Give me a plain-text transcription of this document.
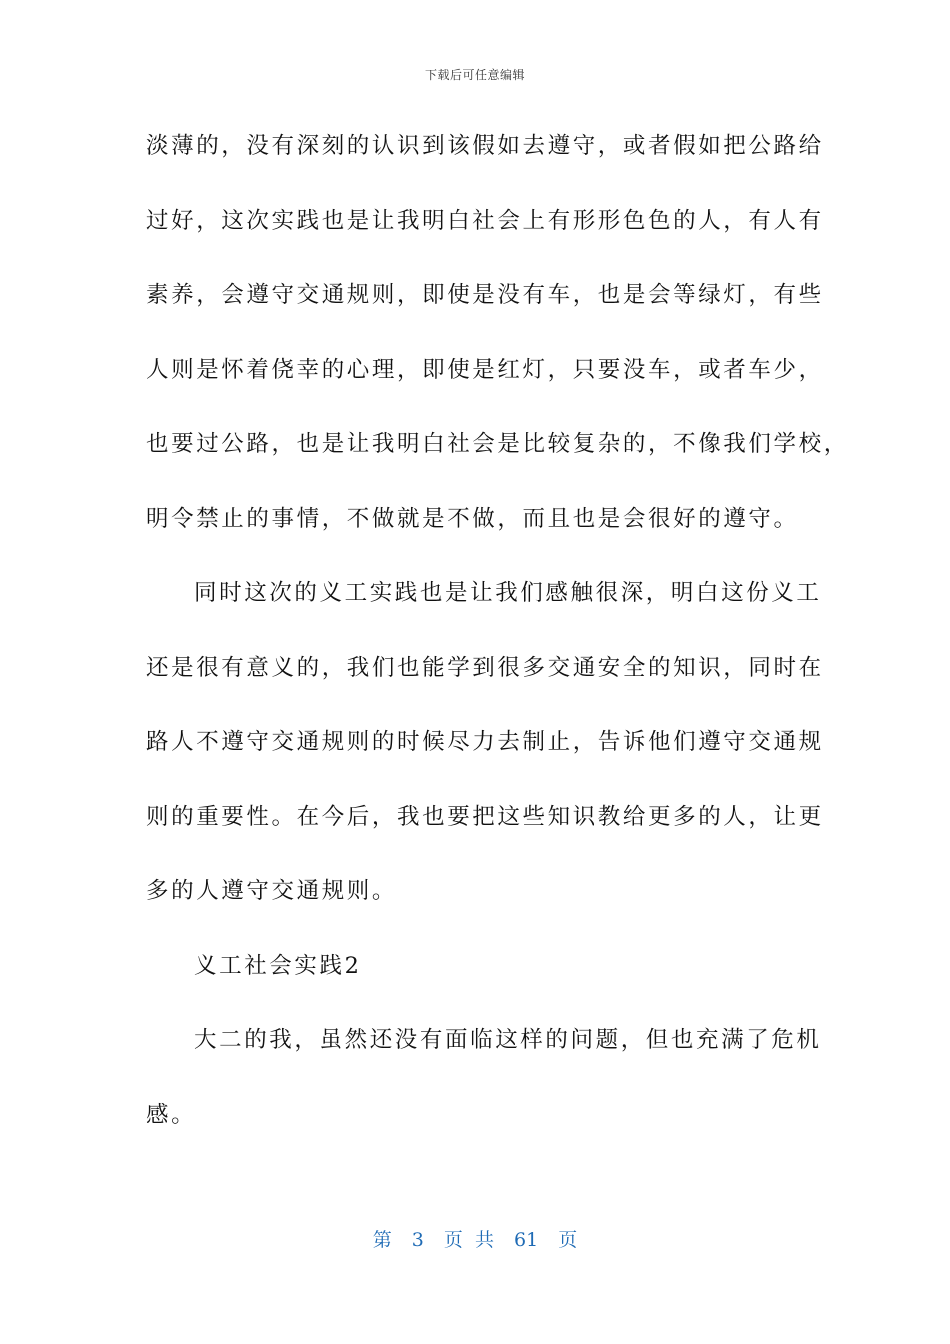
下载后可任意编辑
淡薄的，没有深刻的认识到该假如去遵守，或者假如把公路给
过好，这次实践也是让我明白社会上有形形色色的人，有人有
素养，会遵守交通规则，即使是没有车，也是会等绿灯，有些
人则是怀着侥幸的心理，即使是红灯，只要没车，或者车少，
也要过公路，也是让我明白社会是比较复杂的，不像我们学校，
明令禁止的事情，不做就是不做，而且也是会很好的遵守。
同时这次的义工实践也是让我们感触很深，明白这份义工
还是很有意义的，我们也能学到很多交通安全的知识，同时在
路人不遵守交通规则的时候尽力去制止，告诉他们遵守交通规
则的重要性。在今后，我也要把这些知识教给更多的人，让更
多的人遵守交通规则。
义工社会实践2
大二的我，虽然还没有面临这样的问题，但也充满了危机
感。
第 3 页 共 61 页
